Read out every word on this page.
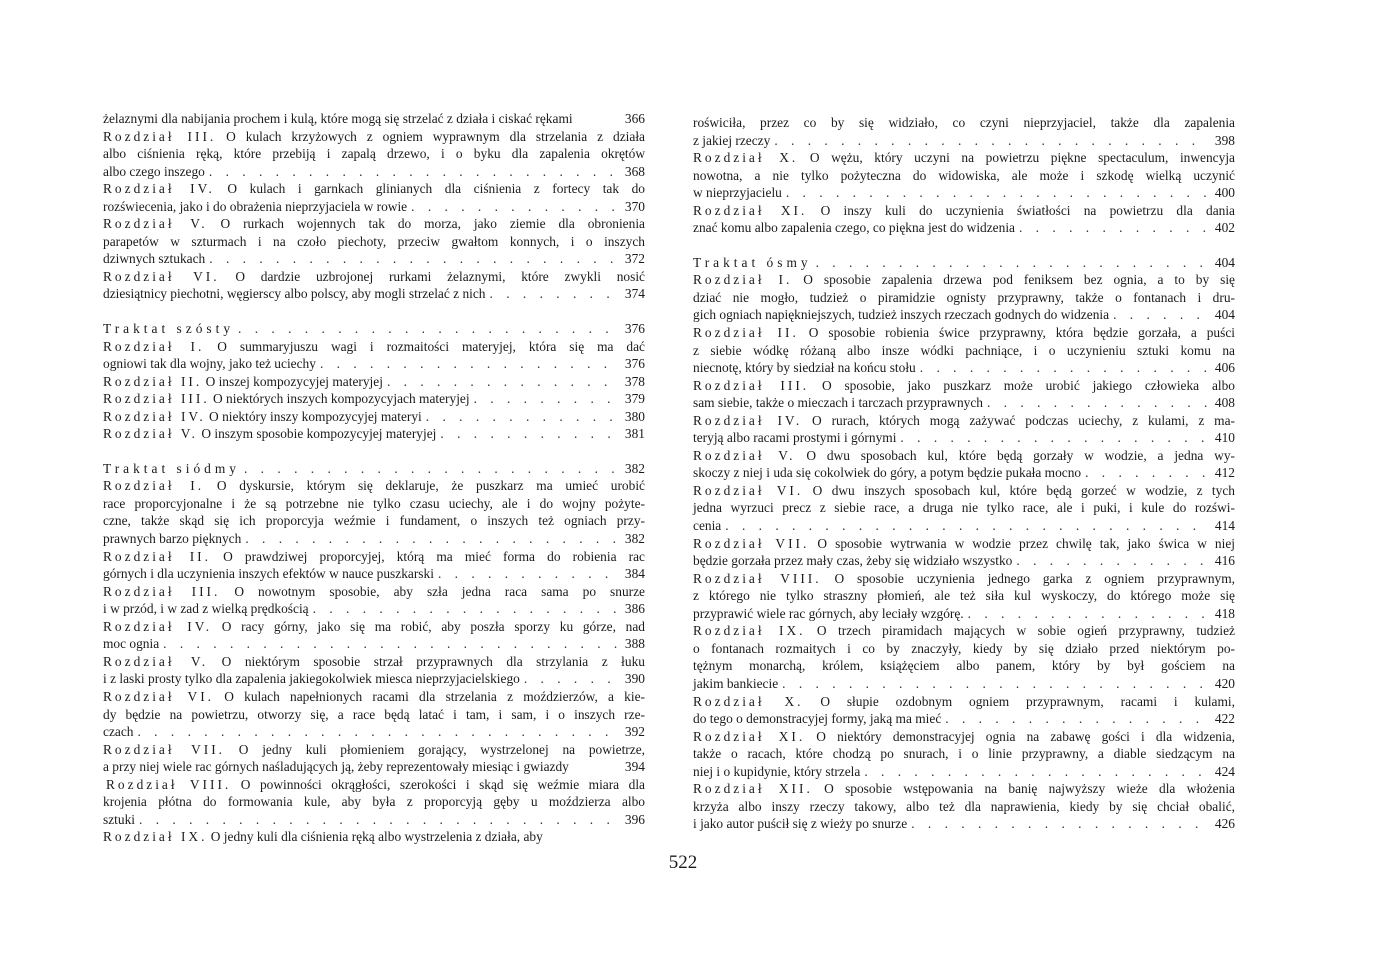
żelaznymi dla nabijania prochem i kulą, które mogą się strzelać z działa i ciskać rękami	366
Rozdział III. O kulach krzyżowych z ogniem wyprawnym dla strzelania z działa
albo ciśnienia ręką, które przebiją i zapalą drzewo, i o byku dla zapalenia okrętów
albo czego inszego . . .	368
Rozdział IV. O kulach i garnkach glinianych dla ciśnienia z fortecy tak do
rozświecenia, jako i do obrażenia nieprzyjaciela w rowie . . .	370
Rozdział V. O rurkach wojennych tak do morza, jako ziemie dla obronienia
parapetów w szturmach i na czoło piechoty, przeciw gwałtom konnych, i o inszych
dziwnych sztukach . . .	372
Rozdział VI. O dardzie uzbrojonej rurkami żelaznymi, które zwykli nosić
dziesiątnicy piechotni, węgierscy albo polscy, aby mogli strzelać z nich . . .	374
Traktat szósty . . .	376
Rozdział I. O summaryjuszu wagi i rozmaitości materyjej, która się ma dać
ogniowi tak dla wojny, jako też uciechy . . .	376
Rozdział II. O inszej kompozycyjej materyjej . . .	378
Rozdział III. O niektórych inszych kompozycyjach materyjej . . .	379
Rozdział IV. O niektóry inszy kompozycyjej materyi . . .	380
Rozdział V. O inszym sposobie kompozycyjej materyjej . . .	381
Traktat siódmy . . .	382
Rozdział I. O dyskursie, którym się deklaruje, że puszkarz ma umieć urobić
race proporcyjonalne i że są potrzebne nie tylko czasu uciechy, ale i do wojny pożyte-
czne, także skąd się ich proporcyja weźmie i fundament, o inszych też ogniach przy-
prawnych barzo pięknych . . .	382
Rozdział II. O prawdziwej proporcyjej, którą ma mieć forma do robienia rac
górnych i dla uczynienia inszych efektów w nauce puszkarski . . .	384
Rozdział III. O nowotnym sposobie, aby szła jedna raca sama po snurze
i w przód, i w zad z wielką prędkością . . .	386
Rozdział IV. O racy górny, jako się ma robić, aby poszła sporzy ku górze, nad
moc ognia . . .	388
Rozdział V. O niektórym sposobie strzał przyprawnych dla strzylania z łuku
i z laski prosty tylko dla zapalenia jakiegokolwiek miesca nieprzyjacielskiego . . .	390
Rozdział VI. O kulach napełnionych racami dla strzelania z moździerzów, a kie-
dy będzie na powietrzu, otworzy się, a race będą latać i tam, i sam, i o inszych rze-
czach . . .	392
Rozdział VII. O jedny kuli płomieniem gorający, wystrzelonej na powietrze,
a przy niej wiele rac górnych naśladujących ją, żeby reprezentowały miesiąc i gwiazdy	394
Rozdział VIII. O powinności okrągłości, szerokości i skąd się weźmie miara dla
krojenia płótna do formowania kule, aby była z proporcyją gęby u moździerza albo
sztuki . . .	396
Rozdział IX. O jedny kuli dla ciśnienia ręką albo wystrzelenia z działa, aby
roświciła, przez co by się widziało, co czyni nieprzyjaciel, także dla zapalenia
z jakiej rzeczy . . .	398
Rozdział X. O wężu, który uczyni na powietrzu piękne spectaculum, inwencyja
nowotna, a nie tylko pożyteczna do widowiska, ale może i szkodę wielką uczynić
w nieprzyjacielu . . .	400
Rozdział XI. O inszy kuli do uczynienia światłości na powietrzu dla dania
znać komu albo zapalenia czego, co piękna jest do widzenia . . .	402
Traktat ósmy . . .	404
Rozdział I. O sposobie zapalenia drzewa pod feniksem bez ognia, a to by się
dziać nie mogło, tudzież o piramidzie ognisty przyprawny, także o fontanach i dru-
gich ogniach napiękniejszych, tudzież inszych rzeczach godnych do widzenia . . .	404
Rozdział II. O sposobie robienia świce przyprawny, która będzie gorzała, a puści
z siebie wódkę różaną albo insze wódki pachniące, i o uczynieniu sztuki komu na
niecnotę, który by siedział na końcu stołu . . .	406
Rozdział III. O sposobie, jako puszkarz może urobić jakiego człowieka albo
sam siebie, także o mieczach i tarczach przyprawnych . . .	408
Rozdział IV. O rurach, których mogą zażywać podczas uciechy, z kulami, z ma-
teryją albo racami prostymi i górnymi . . .	410
Rozdział V. O dwu sposobach kul, które będą gorzały w wodzie, a jedna wy-
skoczy z niej i uda się cokolwiek do góry, a potym będzie pukała mocno . . .	412
Rozdział VI. O dwu inszych sposobach kul, które będą gorzeć w wodzie, z tych
jedna wyrzuci precz z siebie race, a druga nie tylko race, ale i puki, i kule do rozświ-
cenia . . .	414
Rozdział VII. O sposobie wytrwania w wodzie przez chwilę tak, jako świca w niej
będzie gorzała przez mały czas, żeby się widziało wszystko . . .	416
Rozdział VIII. O sposobie uczynienia jednego garka z ogniem przyprawnym,
z którego nie tylko straszny płomień, ale też siła kul wyskoczy, do którego może się
przyprawić wiele rac górnych, aby leciały wzgórę. . . .	418
Rozdział IX. O trzech piramidach mających w sobie ogień przyprawny, tudzież
o fontanach rozmaitych i co by znaczyły, kiedy by się działo przed niektórym po-
tężnym monarchą, królem, książęciem albo panem, który by był gościem na
jakim bankiecie . . .	420
Rozdział X. O słupie ozdobnym ogniem przyprawnym, racami i kulami,
do tego o demonstracyjej formy, jaką ma mieć . . .	422
Rozdział XI. O niektóry demonstracyjej ognia na zabawę gości i dla widzenia,
także o racach, które chodzą po snurach, i o linie przyprawny, a diable siedzącym na
niej i o kupidynie, który strzela . . .	424
Rozdział XII. O sposobie wstępowania na banię najwyższy wieże dla włożenia
krzyża albo inszy rzeczy takowy, albo też dla naprawienia, kiedy by się chciał obalić,
i jako autor puścił się z wieży po snurze . . .	426
522
